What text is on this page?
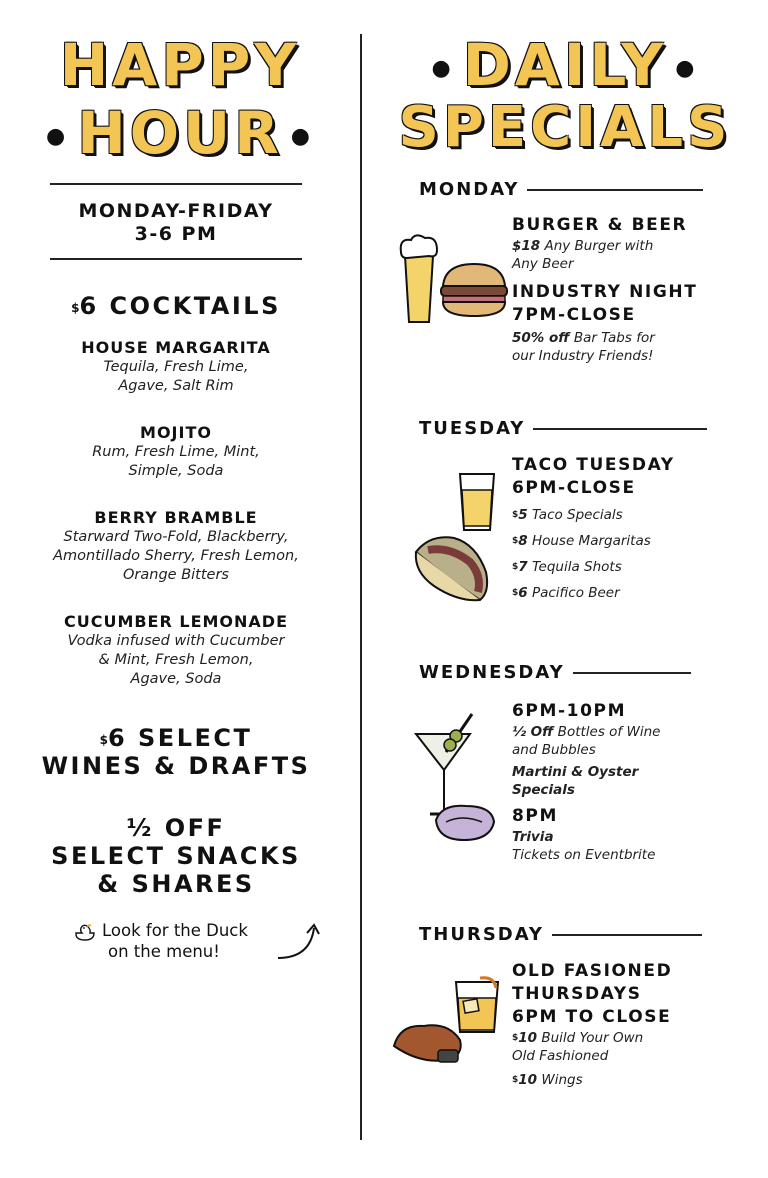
HAPPY
● HOUR ●
MONDAY-FRIDAY
3-6 PM
$6 COCKTAILS
HOUSE MARGARITA
Tequila, Fresh Lime,
Agave, Salt Rim
MOJITO
Rum, Fresh Lime, Mint,
Simple, Soda
BERRY BRAMBLE
Starward Two-Fold, Blackberry,
Amontillado Sherry, Fresh Lemon,
Orange Bitters
CUCUMBER LEMONADE
Vodka infused with Cucumber
& Mint, Fresh Lemon,
Agave, Soda
$6 SELECT
WINES & DRAFTS
½ OFF
SELECT SNACKS
& SHARES
Look for the Duck
on the menu!
● DAILY ●
SPECIALS
MONDAY
BURGER & BEER
$18 Any Burger with
Any Beer
INDUSTRY NIGHT
7PM-CLOSE
50% off Bar Tabs for
our Industry Friends!
TUESDAY
TACO TUESDAY
6PM-CLOSE
$5 Taco Specials
$8 House Margaritas
$7 Tequila Shots
$6 Pacifico Beer
WEDNESDAY
6PM-10PM
½ Off Bottles of Wine
and Bubbles
Martini & Oyster
Specials
8PM
Trivia
Tickets on Eventbrite
THURSDAY
OLD FASIONED
THURSDAYS
6PM TO CLOSE
$10 Build Your Own
Old Fashioned
$10 Wings
